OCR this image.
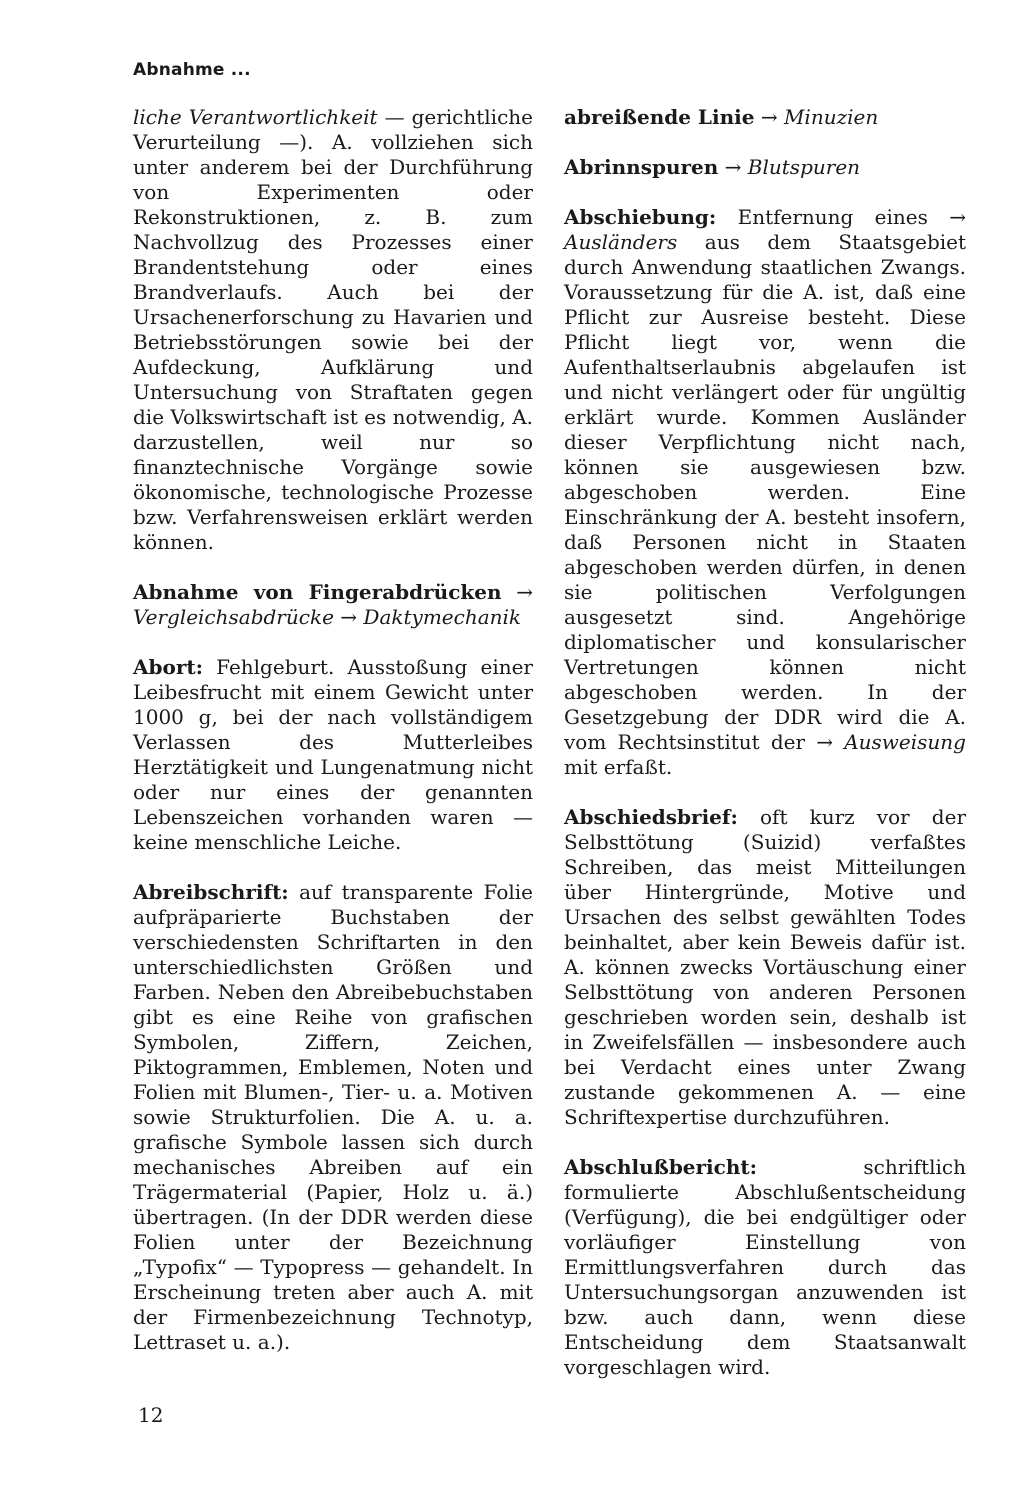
Abnahme ...

liche Verantwortlichkeit — gerichtliche Verurteilung —). A. vollziehen sich unter anderem bei der Durchführung von Experimenten oder Rekonstruktionen, z. B. zum Nachvollzug des Prozesses einer Brandentstehung oder eines Brandverlaufs. Auch bei der Ursachenerforschung zu Havarien und Betriebsstörungen sowie bei der Aufdeckung, Aufklärung und Untersuchung von Straftaten gegen die Volkswirtschaft ist es notwendig, A. darzustellen, weil nur so finanztechnische Vorgänge sowie ökonomische, technologische Prozesse bzw. Verfahrensweisen erklärt werden können.

Abnahme von Fingerabdrücken → Vergleichsabdrücke → Daktymechanik

Abort: Fehlgeburt. Ausstoßung einer Leibesfrucht mit einem Gewicht unter 1000 g, bei der nach vollständigem Verlassen des Mutterleibes Herztätigkeit und Lungenatmung nicht oder nur eines der genannten Lebenszeichen vorhanden waren — keine menschliche Leiche.

Abreibschrift: auf transparente Folie aufpräparierte Buchstaben der verschiedensten Schriftarten in den unterschiedlichsten Größen und Farben. Neben den Abreibebuchstaben gibt es eine Reihe von grafischen Symbolen, Ziffern, Zeichen, Piktogrammen, Emblemen, Noten und Folien mit Blumen-, Tier- u. a. Motiven sowie Strukturfolien. Die A. u. a. grafische Symbole lassen sich durch mechanisches Abreiben auf ein Trägermaterial (Papier, Holz u. ä.) übertragen. (In der DDR werden diese Folien unter der Bezeichnung „Typofix“ — Typopress — gehandelt. In Erscheinung treten aber auch A. mit der Firmenbezeichnung Technotyp, Lettraset u. a.).

abreißende Linie → Minuzien

Abrinnspuren → Blutspuren

Abschiebung: Entfernung eines → Ausländers aus dem Staatsgebiet durch Anwendung staatlichen Zwangs. Voraussetzung für die A. ist, daß eine Pflicht zur Ausreise besteht. Diese Pflicht liegt vor, wenn die Aufenthaltserlaubnis abgelaufen ist und nicht verlängert oder für ungültig erklärt wurde. Kommen Ausländer dieser Verpflichtung nicht nach, können sie ausgewiesen bzw. abgeschoben werden. Eine Einschränkung der A. besteht insofern, daß Personen nicht in Staaten abgeschoben werden dürfen, in denen sie politischen Verfolgungen ausgesetzt sind. Angehörige diplomatischer und konsularischer Vertretungen können nicht abgeschoben werden. In der Gesetzgebung der DDR wird die A. vom Rechtsinstitut der → Ausweisung mit erfaßt.

Abschiedsbrief: oft kurz vor der Selbsttötung (Suizid) verfaßtes Schreiben, das meist Mitteilungen über Hintergründe, Motive und Ursachen des selbst gewählten Todes beinhaltet, aber kein Beweis dafür ist. A. können zwecks Vortäuschung einer Selbsttötung von anderen Personen geschrieben worden sein, deshalb ist in Zweifelsfällen — insbesondere auch bei Verdacht eines unter Zwang zustande gekommenen A. — eine Schriftexpertise durchzuführen.

Abschlußbericht:	schriftlich formulierte Abschlußentscheidung (Verfügung), die bei endgültiger oder vorläufiger Einstellung von Ermittlungsverfahren durch das Untersuchungsorgan anzuwenden ist bzw. auch dann, wenn diese Entscheidung dem Staatsanwalt vorgeschlagen wird.

12
